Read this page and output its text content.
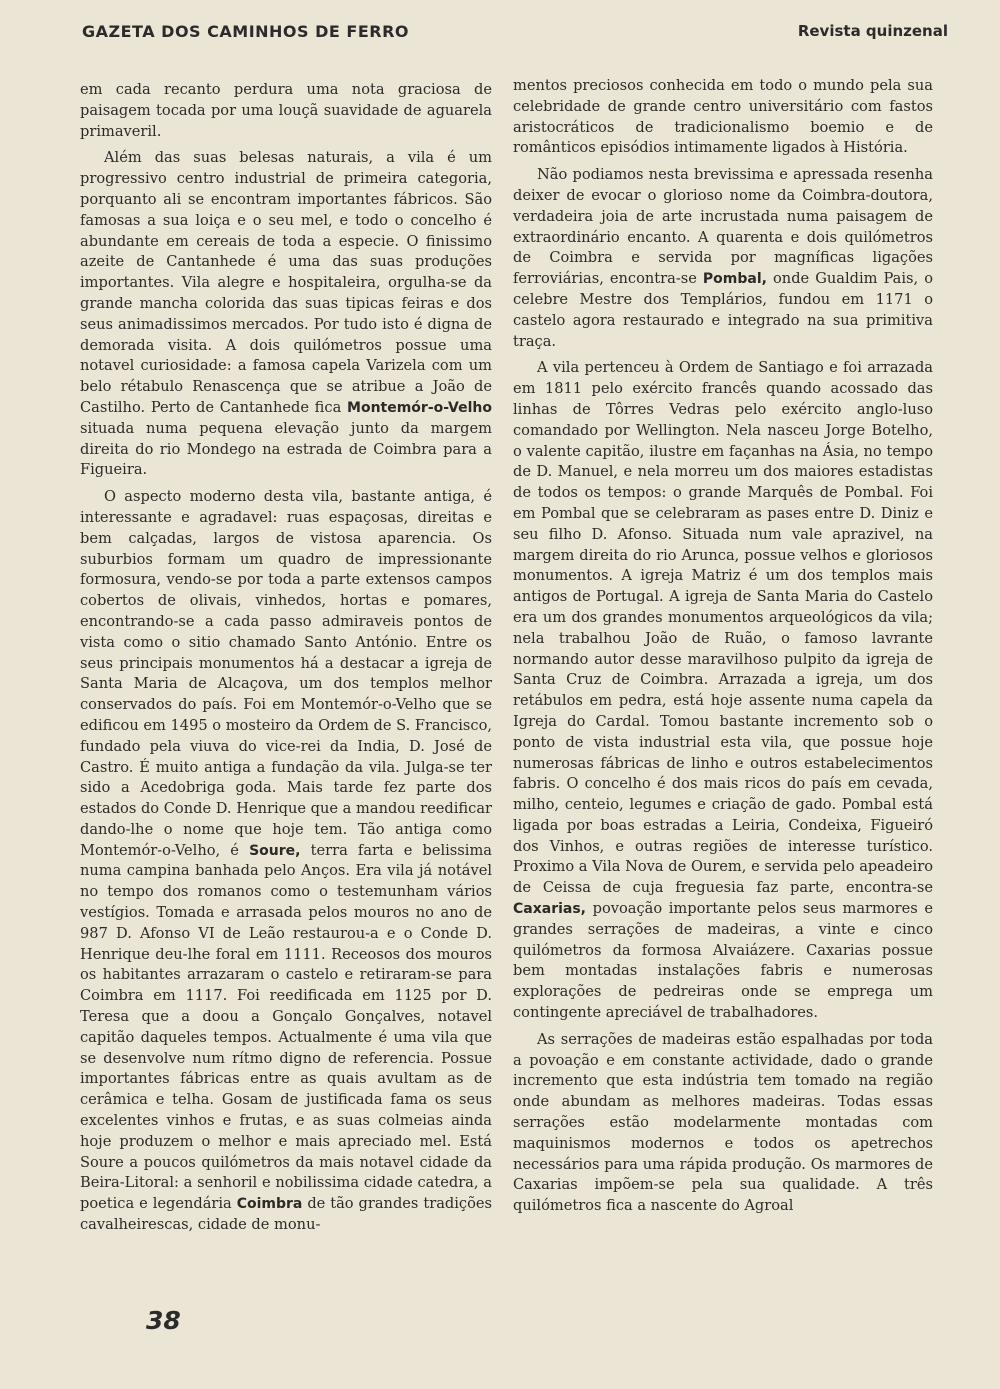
GAZETA DOS CAMINHOS DE FERRO	Revista quinzenal

em cada recanto perdura uma nota graciosa de paisagem tocada por uma louçã suavidade de aguarela primaveril.

Além das suas belesas naturais, a vila é um progressivo centro industrial de primeira categoria, porquanto ali se encontram importantes fábricos. São famosas a sua loiça e o seu mel, e todo o concelho é abundante em cereais de toda a especie. O finissimo azeite de Cantanhede é uma das suas produções importantes. Vila alegre e hospitaleira, orgulha-se da grande mancha colorida das suas tipicas feiras e dos seus animadissimos mercados. Por tudo isto é digna de demorada visita. A dois quilómetros possue uma notavel curiosidade: a famosa capela Varizela com um belo rétabulo Renascença que se atribue a João de Castilho. Perto de Cantanhede fica Montemór-o-Velho situada numa pequena elevação junto da margem direita do rio Mondego na estrada de Coimbra para a Figueira.

O aspecto moderno desta vila, bastante antiga, é interessante e agradavel: ruas espaçosas, direitas e bem calçadas, largos de vistosa aparencia. Os suburbios formam um quadro de impressionante formosura, vendo-se por toda a parte extensos campos cobertos de olivais, vinhedos, hortas e pomares, encontrando-se a cada passo admiraveis pontos de vista como o sitio chamado Santo António. Entre os seus principais monumentos há a destacar a igreja de Santa Maria de Alcaçova, um dos templos melhor conservados do país. Foi em Montemór-o-Velho que se edificou em 1495 o mosteiro da Ordem de S. Francisco, fundado pela viuva do vice-rei da India, D. José de Castro. É muito antiga a fundação da vila. Julga-se ter sido a Acedobriga goda. Mais tarde fez parte dos estados do Conde D. Henrique que a mandou reedificar dando-lhe o nome que hoje tem. Tão antiga como Montemór-o-Velho, é Soure, terra farta e belissima numa campina banhada pelo Anços. Era vila já notável no tempo dos romanos como o testemunham vários vestígios. Tomada e arrasada pelos mouros no ano de 987 D. Afonso VI de Leão restaurou-a e o Conde D. Henrique deu-lhe foral em 1111. Receosos dos mouros os habitantes arrazaram o castelo e retiraram-se para Coimbra em 1117. Foi reedificada em 1125 por D. Teresa que a doou a Gonçalo Gonçalves, notavel capitão daqueles tempos. Actualmente é uma vila que se desenvolve num rítmo digno de referencia. Possue importantes fábricas entre as quais avultam as de cerâmica e telha. Gosam de justificada fama os seus excelentes vinhos e frutas, e as suas colmeias ainda hoje produzem o melhor e mais apreciado mel. Está Soure a poucos quilómetros da mais notavel cidade da Beira-Litoral: a senhoril e nobilissima cidade catedra, a poetica e legendária Coimbra de tão grandes tradições cavalheirescas, cidade de monu-

mentos preciosos conhecida em todo o mundo pela sua celebridade de grande centro universitário com fastos aristocráticos de tradicionalismo boemio e de românticos episódios intimamente ligados à História.

Não podiamos nesta brevissima e apressada resenha deixer de evocar o glorioso nome da Coimbra-doutora, verdadeira joia de arte incrustada numa paisagem de extraordinário encanto. A quarenta e dois quilómetros de Coimbra e servida por magníficas ligações ferroviárias, encontra-se Pombal, onde Gualdim Pais, o celebre Mestre dos Templários, fundou em 1171 o castelo agora restaurado e integrado na sua primitiva traça.

A vila pertenceu à Ordem de Santiago e foi arrazada em 1811 pelo exército francês quando acossado das linhas de Tôrres Vedras pelo exército anglo-luso comandado por Wellington. Nela nasceu Jorge Botelho, o valente capitão, ilustre em façanhas na Ásia, no tempo de D. Manuel, e nela morreu um dos maiores estadistas de todos os tempos: o grande Marquês de Pombal. Foi em Pombal que se celebraram as pases entre D. Diniz e seu filho D. Afonso. Situada num vale aprazivel, na margem direita do rio Arunca, possue velhos e gloriosos monumentos. A igreja Matriz é um dos templos mais antigos de Portugal. A igreja de Santa Maria do Castelo era um dos grandes monumentos arqueológicos da vila; nela trabalhou João de Ruão, o famoso lavrante normando autor desse maravilhoso pulpito da igreja de Santa Cruz de Coimbra. Arrazada a igreja, um dos retábulos em pedra, está hoje assente numa capela da Igreja do Cardal. Tomou bastante incremento sob o ponto de vista industrial esta vila, que possue hoje numerosas fábricas de linho e outros estabelecimentos fabris. O concelho é dos mais ricos do país em cevada, milho, centeio, legumes e criação de gado. Pombal está ligada por boas estradas a Leiria, Condeixa, Figueiró dos Vinhos, e outras regiões de interesse turístico. Proximo a Vila Nova de Ourem, e servida pelo apeadeiro de Ceissa de cuja freguesia faz parte, encontra-se Caxarias, povoação importante pelos seus marmores e grandes serrações de madeiras, a vinte e cinco quilómetros da formosa Alvaiázere. Caxarias possue bem montadas instalações fabris e numerosas explorações de pedreiras onde se emprega um contingente apreciável de trabalhadores.

As serrações de madeiras estão espalhadas por toda a povoação e em constante actividade, dado o grande incremento que esta indústria tem tomado na região onde abundam as melhores madeiras. Todas essas serrações estão modelarmente montadas com maquinismos modernos e todos os apetrechos necessários para uma rápida produção. Os marmores de Caxarias impõem-se pela sua qualidade. A três quilómetros fica a nascente do Agroal

38
